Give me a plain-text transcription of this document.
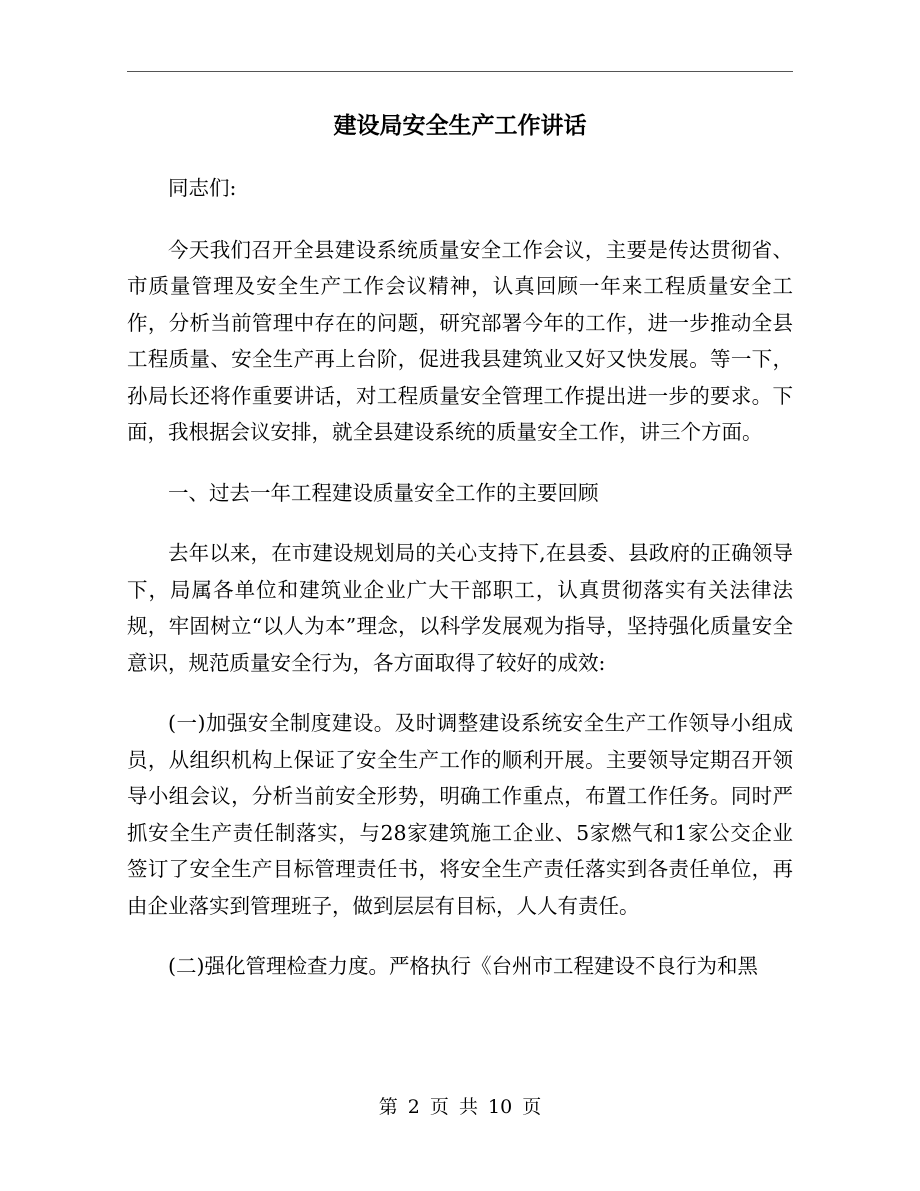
建设局安全生产工作讲话

同志们:

今天我们召开全县建设系统质量安全工作会议，主要是传达贯彻省、市质量管理及安全生产工作会议精神，认真回顾一年来工程质量安全工作，分析当前管理中存在的问题，研究部署今年的工作，进一步推动全县工程质量、安全生产再上台阶，促进我县建筑业又好又快发展。等一下，孙局长还将作重要讲话，对工程质量安全管理工作提出进一步的要求。下面，我根据会议安排，就全县建设系统的质量安全工作，讲三个方面。

一、过去一年工程建设质量安全工作的主要回顾

去年以来，在市建设规划局的关心支持下,在县委、县政府的正确领导下，局属各单位和建筑业企业广大干部职工，认真贯彻落实有关法律法规，牢固树立“以人为本”理念，以科学发展观为指导，坚持强化质量安全意识，规范质量安全行为，各方面取得了较好的成效:

(一)加强安全制度建设。及时调整建设系统安全生产工作领导小组成员，从组织机构上保证了安全生产工作的顺利开展。主要领导定期召开领导小组会议，分析当前安全形势，明确工作重点，布置工作任务。同时严抓安全生产责任制落实，与28家建筑施工企业、5家燃气和1家公交企业签订了安全生产目标管理责任书，将安全生产责任落实到各责任单位，再由企业落实到管理班子，做到层层有目标，人人有责任。

(二)强化管理检查力度。严格执行《台州市工程建设不良行为和黑

第 2 页 共 10 页
